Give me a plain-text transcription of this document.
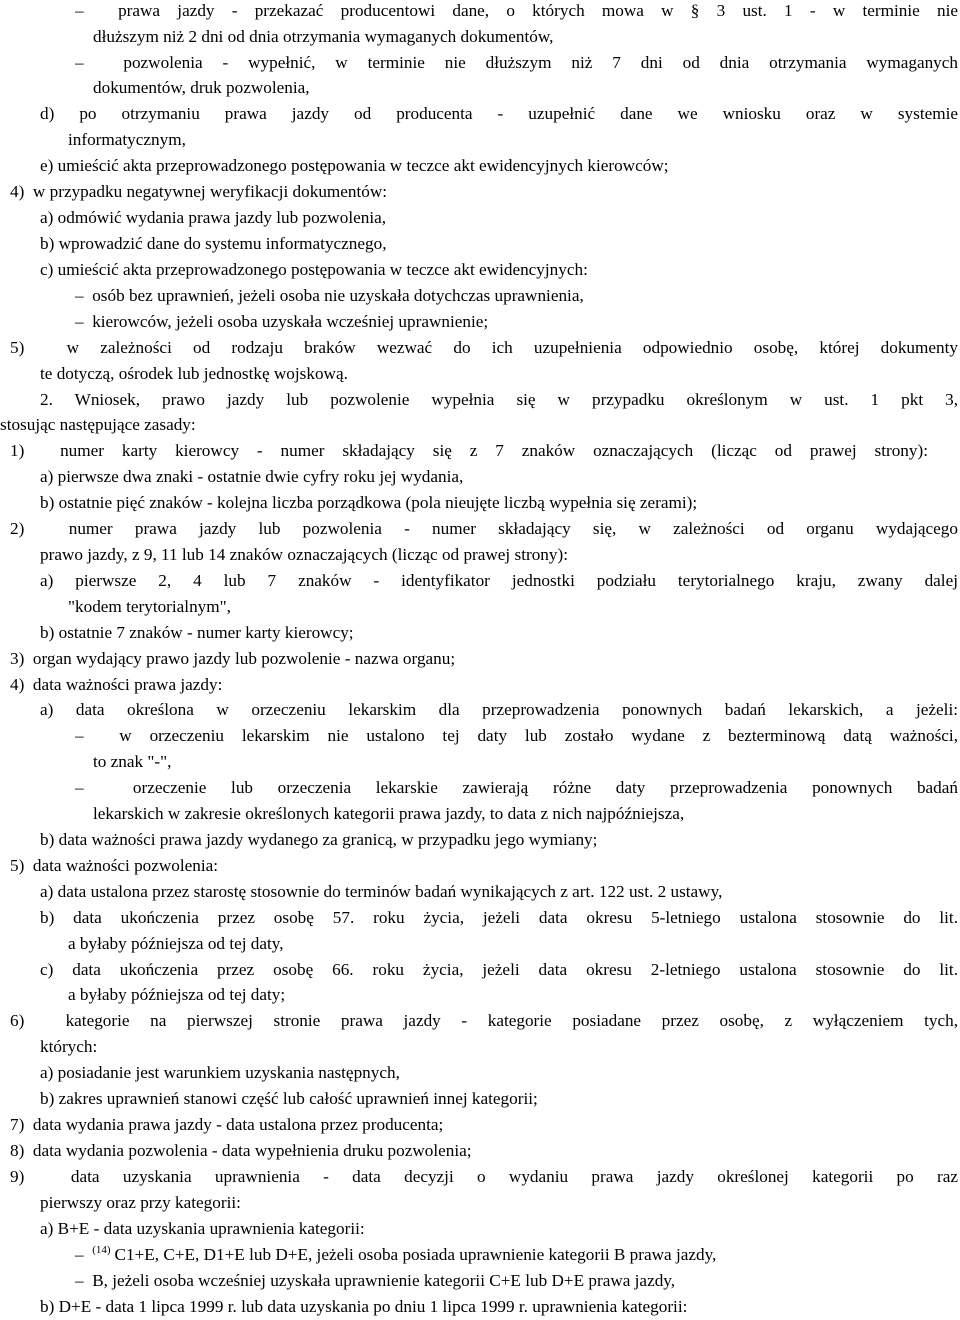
–  prawa jazdy - przekazać producentowi dane, o których mowa w § 3 ust. 1 - w terminie nie
dłuższym niż 2 dni od dnia otrzymania wymaganych dokumentów,
–  pozwolenia - wypełnić, w terminie nie dłuższym niż 7 dni od dnia otrzymania wymaganych
dokumentów, druk pozwolenia,
d) po otrzymaniu prawa jazdy od producenta - uzupełnić dane we wniosku oraz w systemie
informatycznym,
e) umieścić akta przeprowadzonego postępowania w teczce akt ewidencyjnych kierowców;
4)  w przypadku negatywnej weryfikacji dokumentów:
a) odmówić wydania prawa jazdy lub pozwolenia,
b) wprowadzić dane do systemu informatycznego,
c) umieścić akta przeprowadzonego postępowania w teczce akt ewidencyjnych:
–  osób bez uprawnień, jeżeli osoba nie uzyskała dotychczas uprawnienia,
–  kierowców, jeżeli osoba uzyskała wcześniej uprawnienie;
5)  w zależności od rodzaju braków wezwać do ich uzupełnienia odpowiednio osobę, której dokumenty
te dotyczą, ośrodek lub jednostkę wojskową.
2. Wniosek, prawo jazdy lub pozwolenie wypełnia się w przypadku określonym w ust. 1 pkt 3,
stosując następujące zasady:
1)  numer karty kierowcy - numer składający się z 7 znaków oznaczających (licząc od prawej strony):
a) pierwsze dwa znaki - ostatnie dwie cyfry roku jej wydania,
b) ostatnie pięć znaków - kolejna liczba porządkowa (pola nieujęte liczbą wypełnia się zerami);
2)  numer prawa jazdy lub pozwolenia - numer składający się, w zależności od organu wydającego
prawo jazdy, z 9, 11 lub 14 znaków oznaczających (licząc od prawej strony):
a) pierwsze 2, 4 lub 7 znaków - identyfikator jednostki podziału terytorialnego kraju, zwany dalej
"kodem terytorialnym",
b) ostatnie 7 znaków - numer karty kierowcy;
3)  organ wydający prawo jazdy lub pozwolenie - nazwa organu;
4)  data ważności prawa jazdy:
a) data określona w orzeczeniu lekarskim dla przeprowadzenia ponownych badań lekarskich, a jeżeli:
–  w orzeczeniu lekarskim nie ustalono tej daty lub zostało wydane z bezterminową datą ważności,
to znak "-",
–  orzeczenie lub orzeczenia lekarskie zawierają różne daty przeprowadzenia ponownych badań
lekarskich w zakresie określonych kategorii prawa jazdy, to data z nich najpóźniejsza,
b) data ważności prawa jazdy wydanego za granicą, w przypadku jego wymiany;
5)  data ważności pozwolenia:
a) data ustalona przez starostę stosownie do terminów badań wynikających z art. 122 ust. 2 ustawy,
b) data ukończenia przez osobę 57. roku życia, jeżeli data okresu 5-letniego ustalona stosownie do lit.
a byłaby późniejsza od tej daty,
c) data ukończenia przez osobę 66. roku życia, jeżeli data okresu 2-letniego ustalona stosownie do lit.
a byłaby późniejsza od tej daty;
6)  kategorie na pierwszej stronie prawa jazdy - kategorie posiadane przez osobę, z wyłączeniem tych,
których:
a) posiadanie jest warunkiem uzyskania następnych,
b) zakres uprawnień stanowi część lub całość uprawnień innej kategorii;
7)  data wydania prawa jazdy - data ustalona przez producenta;
8)  data wydania pozwolenia - data wypełnienia druku pozwolenia;
9)  data uzyskania uprawnienia - data decyzji o wydaniu prawa jazdy określonej kategorii po raz
pierwszy oraz przy kategorii:
a) B+E - data uzyskania uprawnienia kategorii:
–  $^{(14)}$ C1+E, C+E, D1+E lub D+E, jeżeli osoba posiada uprawnienie kategorii B prawa jazdy,
–  B, jeżeli osoba wcześniej uzyskała uprawnienie kategorii C+E lub D+E prawa jazdy,
b) D+E - data 1 lipca 1999 r. lub data uzyskania po dniu 1 lipca 1999 r. uprawnienia kategorii:
